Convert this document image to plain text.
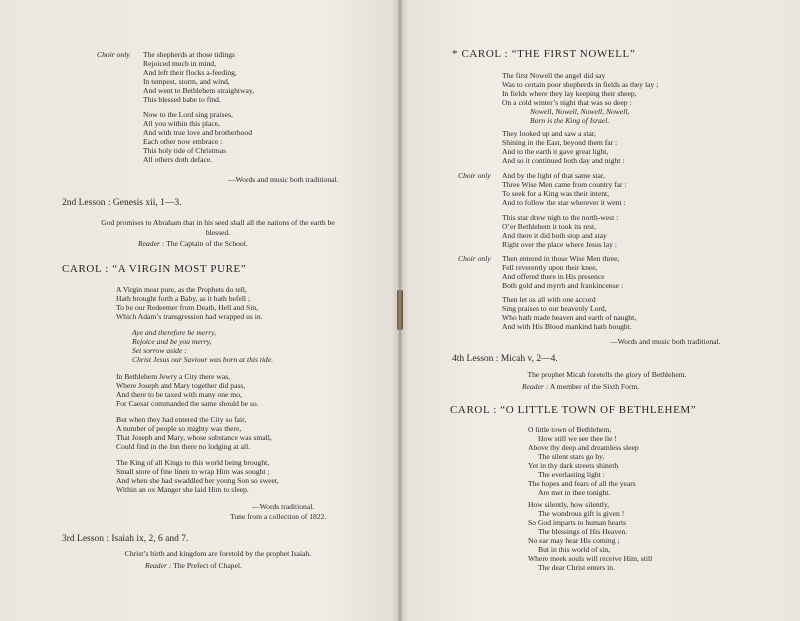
Choir only The shepherds at those tidings
Rejoiced much in mind,
And left their flocks a-feeding,
In tempest, storm, and wind,
And went to Bethlehem straightway,
This blessed babe to find.
Now to the Lord sing praises,
All you within this place,
And with true love and brotherhood
Each other now embrace :
This holy tide of Christmas
All others doth deface.
—Words and music both traditional.
2nd Lesson : Genesis xii, 1—3.
God promises to Abraham that in his seed shall all the nations of the earth be blessed.
Reader : The Captain of the School.
CAROL : “A VIRGIN MOST PURE”
A Virgin most pure, as the Prophets do tell,
Hath brought forth a Baby, as it hath befell ;
To be our Redeemer from Death, Hell and Sin,
Which Adam’s transgression had wrapped us in.
Aye and therefore be merry,
Rejoice and be you merry,
Set sorrow aside :
Christ Jesus our Saviour was born at this tide.
In Bethlehem Jewry a City there was,
Where Joseph and Mary together did pass,
And there to be taxed with many one mo,
For Caesar commanded the same should be so.
But when they had entered the City so fair,
A number of people so mighty was there,
That Joseph and Mary, whose substance was small,
Could find in the Inn there no lodging at all.
The King of all Kings to this world being brought,
Small store of fine linen to wrap Him was sought ;
And when she had swaddled her young Son so sweet,
Within an ox Manger she laid Him to sleep.
—Words traditional.
Tune from a collection of 1822.
3rd Lesson : Isaiah ix, 2, 6 and 7.
Christ’s birth and kingdom are foretold by the prophet Isaiah.
Reader : The Prefect of Chapel.
* CAROL : “THE FIRST NOWELL”
The first Nowell the angel did say
Was to certain poor shepherds in fields as they lay ;
In fields where they lay keeping their sheep,
On a cold winter’s night that was so deep :
Nowell, Nowell, Nowell, Nowell,
Born is the King of Israel.
They looked up and saw a star,
Shining in the East, beyond them far :
And to the earth it gave great light,
And so it continued both day and night :
Choir only And by the light of that same star,
Three Wise Men came from country far :
To seek for a King was their intent,
And to follow the star wherever it went :
This star drew nigh to the north-west :
O’er Bethlehem it took its rest,
And there it did both stop and stay
Right over the place where Jesus lay :
Choir only Then entered in those Wise Men three,
Fell reverently upon their knee,
And offered there in His presence
Both gold and myrrh and frankincense :
Then let us all with one accord
Sing praises to our heavenly Lord,
Who hath made heaven and earth of naught,
And with His Blood mankind hath bought.
—Words and music both traditional.
4th Lesson : Micah v, 2—4.
The prophet Micah foretells the glory of Bethlehem.
Reader : A member of the Sixth Form.
CAROL : “O LITTLE TOWN OF BETHLEHEM”
O little town of Bethlehem,
How still we see thee lie !
Above thy deep and dreamless sleep
The silent stars go by.
Yet in thy dark streets shineth
The everlasting light :
The hopes and fears of all the years
Are met in thee tonight.
How silently, how silently,
The wondrous gift is given !
So God imparts to human hearts
The blessings of His Heaven.
No ear may hear His coming ;
But in this world of sin,
Where meek souls will receive Him, still
The dear Christ enters in.
